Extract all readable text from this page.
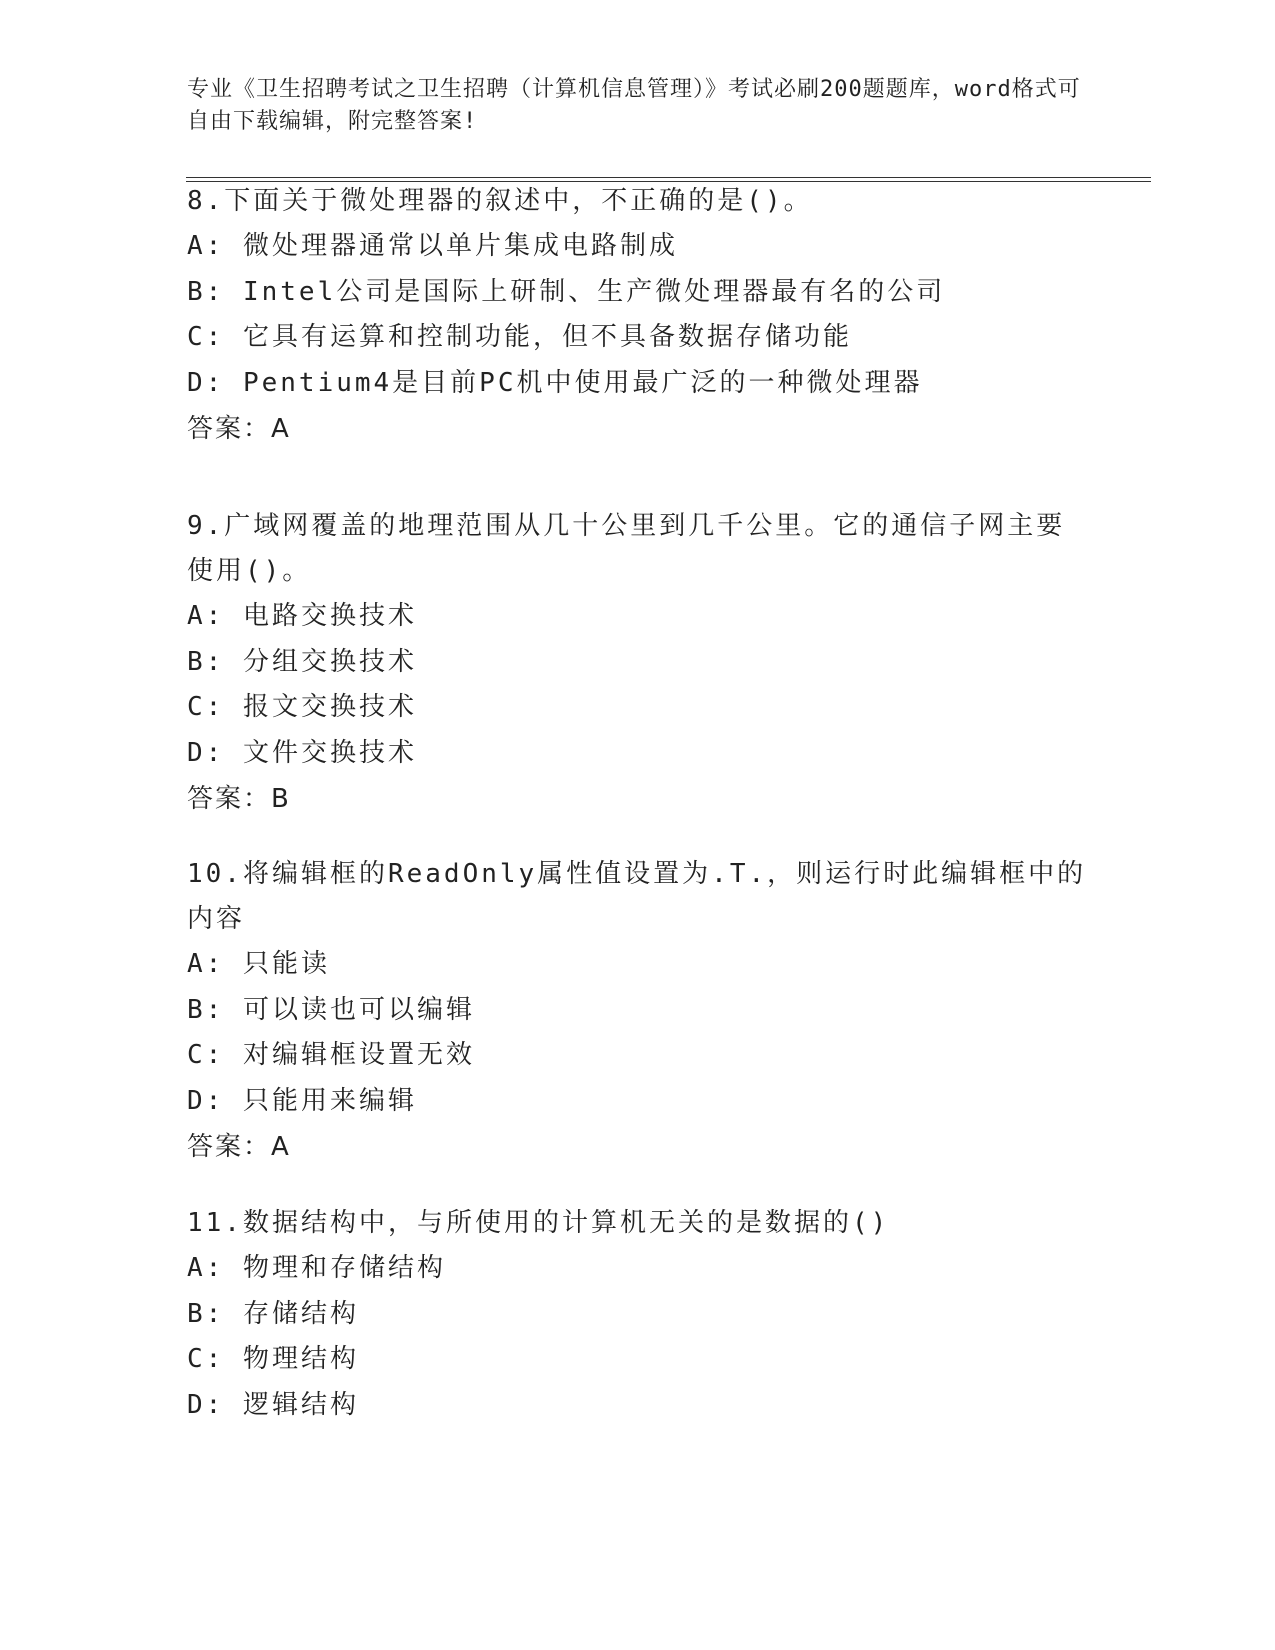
专业《卫生招聘考试之卫生招聘（计算机信息管理）》考试必刷200题题库，word格式可自由下载编辑，附完整答案!
8.下面关于微处理器的叙述中，不正确的是()。
A: 微处理器通常以单片集成电路制成
B: Intel公司是国际上研制、生产微处理器最有名的公司
C: 它具有运算和控制功能，但不具备数据存储功能
D: Pentium4是目前PC机中使用最广泛的一种微处理器
答案：A
9.广域网覆盖的地理范围从几十公里到几千公里。它的通信子网主要使用()。
A: 电路交换技术
B: 分组交换技术
C: 报文交换技术
D: 文件交换技术
答案：B
10.将编辑框的ReadOnly属性值设置为.T.，则运行时此编辑框中的内容
A: 只能读
B: 可以读也可以编辑
C: 对编辑框设置无效
D: 只能用来编辑
答案：A
11.数据结构中，与所使用的计算机无关的是数据的()
A: 物理和存储结构
B: 存储结构
C: 物理结构
D: 逻辑结构
